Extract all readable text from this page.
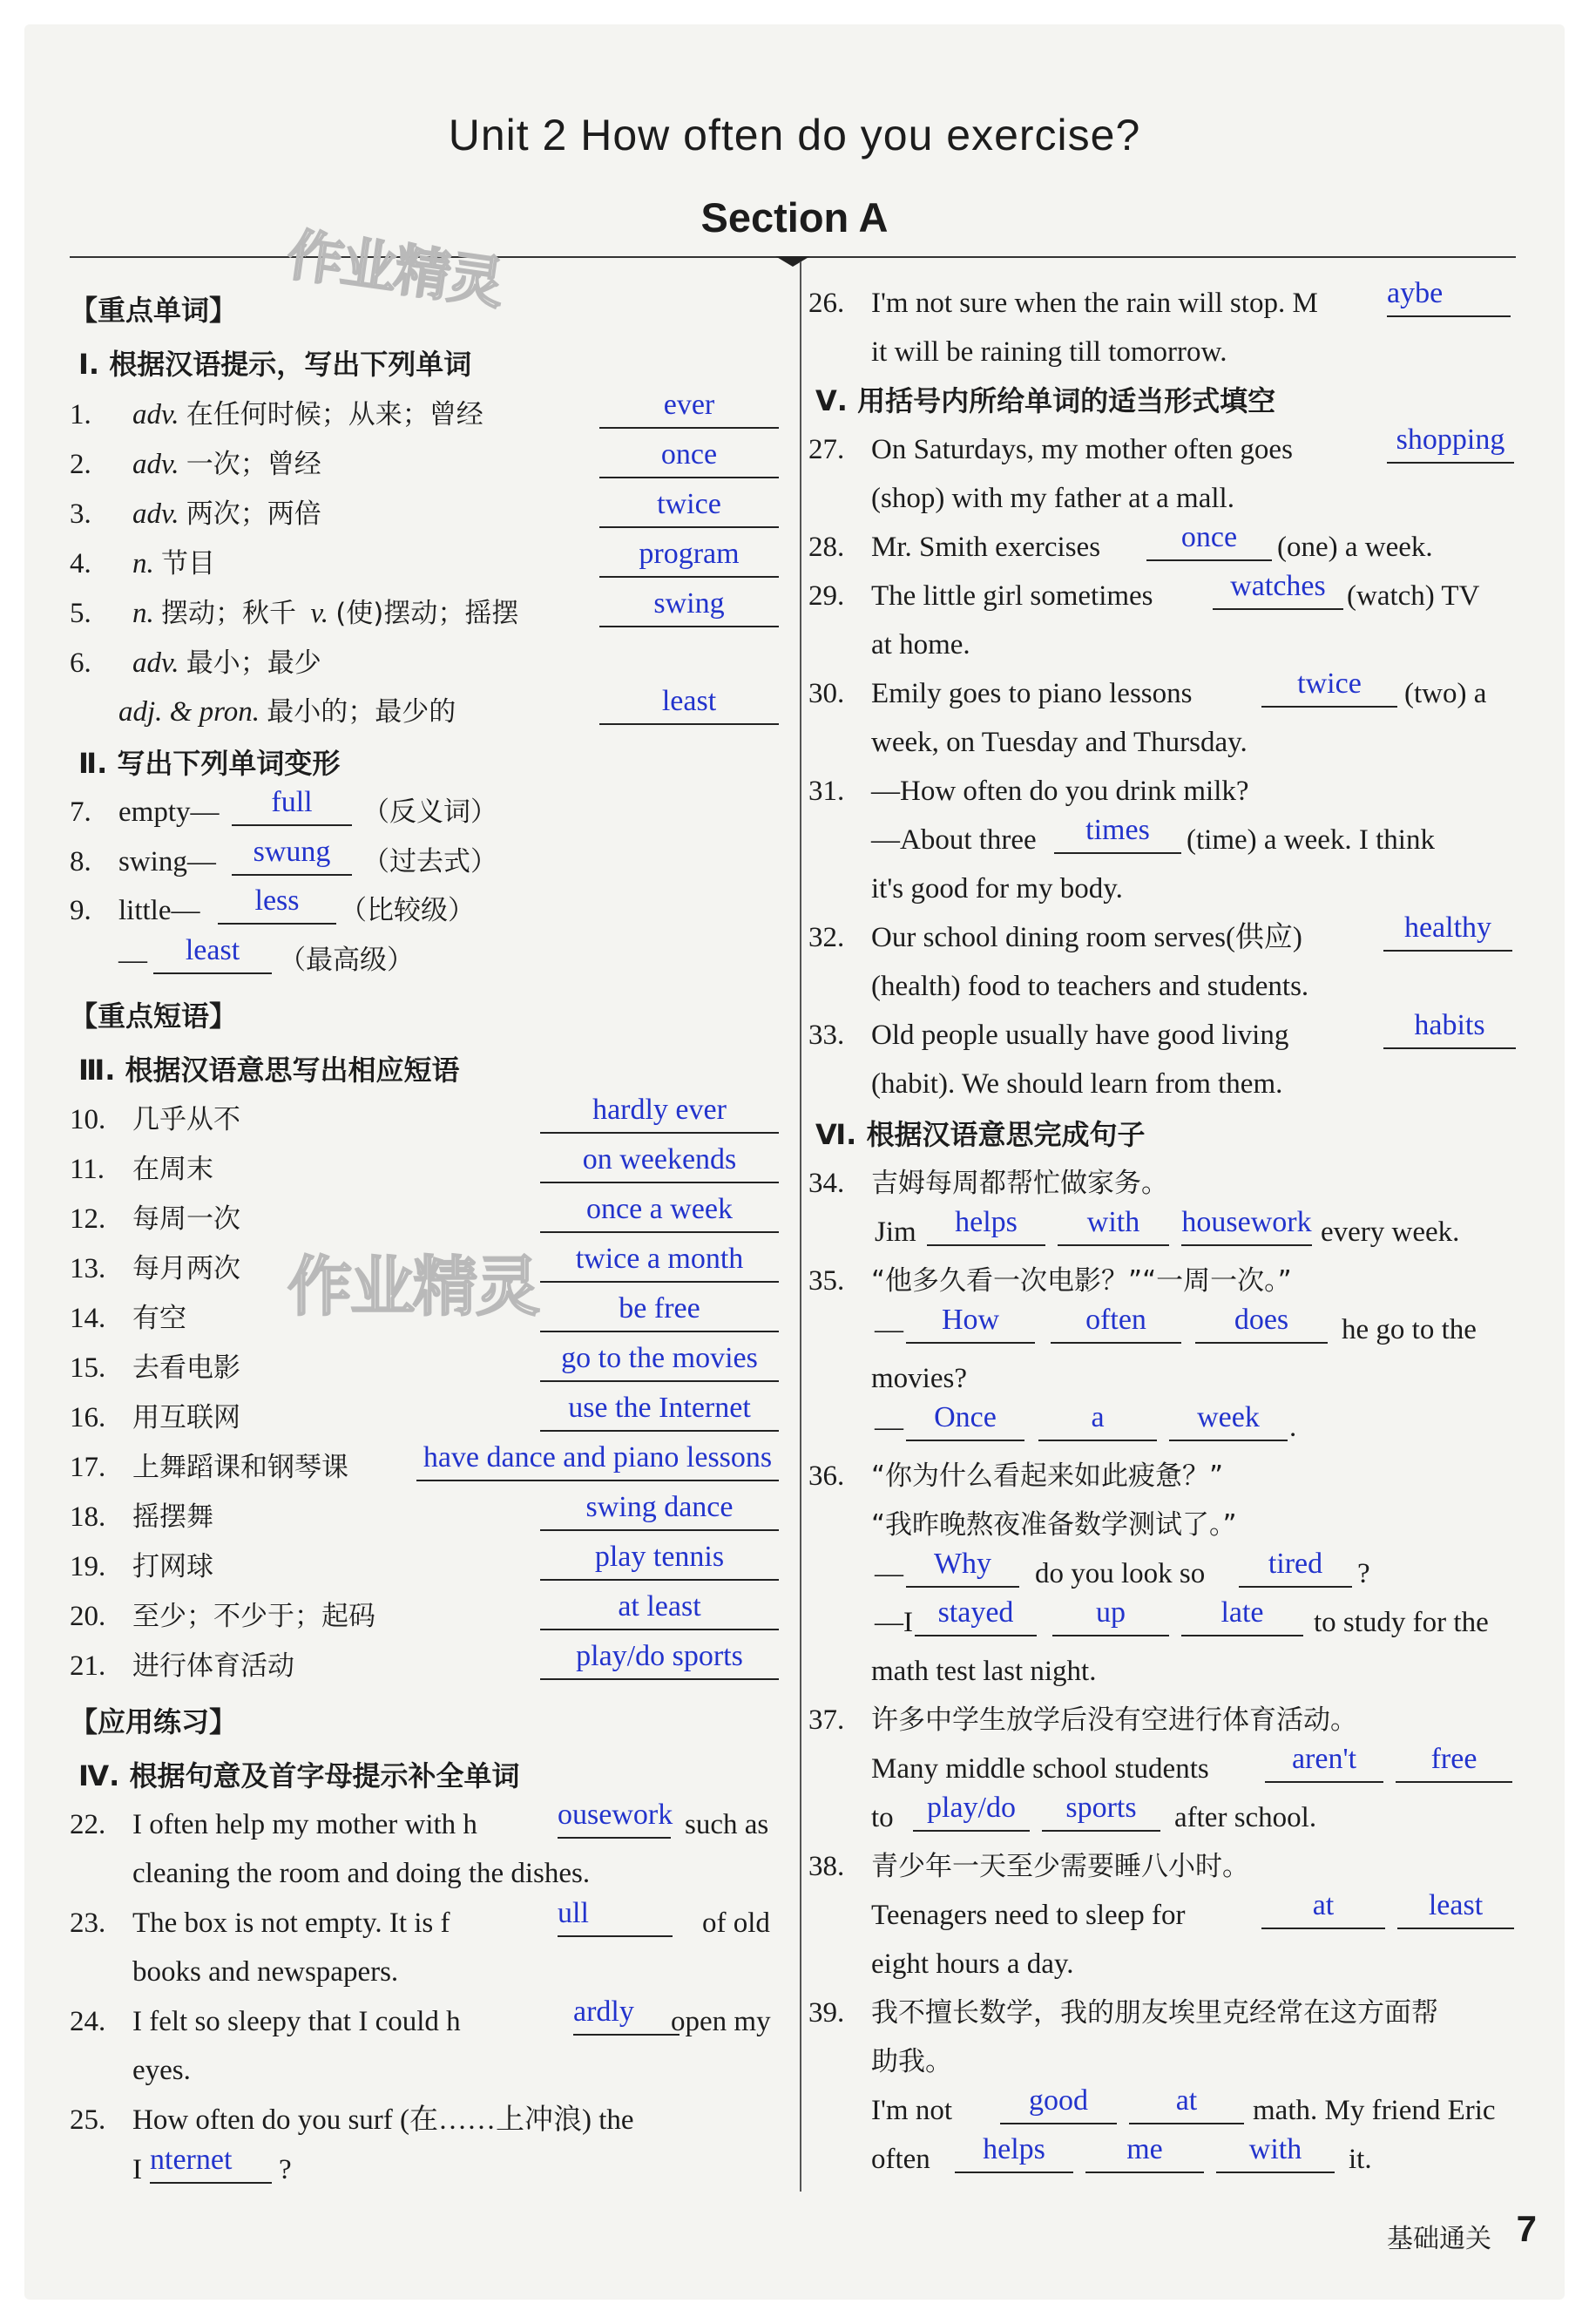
Unit 2 How often do you exercise?
Section A
作业精灵
作业精灵
【重点单词】
Ⅰ. 根据汉语提示，写出下列单词
1. adv. 在任何时候；从来；曾经	ever
2. adv. 一次；曾经	once
3. adv. 两次；两倍	twice
4. n. 节目	program
5. n. 摆动；秋千 v. (使)摆动；摇摆	swing
6. adv. 最小；最少
adj. & pron. 最小的；最少的	least
Ⅱ. 写出下列单词变形
7. empty—	full	（反义词）
8. swing—	swung	（过去式）
9. little—	less	（比较级）
—	least	（最高级）
【重点短语】
Ⅲ. 根据汉语意思写出相应短语
10. 几乎从不	hardly ever
11. 在周末	on weekends
12. 每周一次	once a week
13. 每月两次	twice a month
14. 有空	be free
15. 去看电影	go to the movies
16. 用互联网	use the Internet
17. 上舞蹈课和钢琴课	have dance and piano lessons
18. 摇摆舞	swing dance
19. 打网球	play tennis
20. 至少；不少于；起码	at least
21. 进行体育活动	play/do sports
【应用练习】
Ⅳ. 根据句意及首字母提示补全单词
22. I often help my mother with h	ousework such as
cleaning the room and doing the dishes.
23. The box is not empty. It is f	ull	of old
books and newspapers.
24. I felt so sleepy that I could h	ardly	open my
eyes.
25. How often do you surf (在……上冲浪) the
I nternet	?
26. I'm not sure when the rain will stop. M aybe
it will be raining till tomorrow.
Ⅴ. 用括号内所给单词的适当形式填空
27. On Saturdays, my mother often goes	shopping
(shop) with my father at a mall.
28. Mr. Smith exercises	once	(one) a week.
29. The little girl sometimes	watches (watch) TV
at home.
30. Emily goes to piano lessons	twice	(two) a
week, on Tuesday and Thursday.
31. —How often do you drink milk?
—About three	times	(time) a week. I think
it's good for my body.
32. Our school dining room serves(供应)	healthy
(health) food to teachers and students.
33. Old people usually have good living	habits
(habit). We should learn from them.
Ⅵ. 根据汉语意思完成句子
34. 吉姆每周都帮忙做家务。
Jim	helps	with	housework every week.
35. “他多久看一次电影？”“一周一次。”
—	How	often	does	he go to the
movies?
—	Once	a	week	.
36. “你为什么看起来如此疲惫？”
“我昨晚熬夜准备数学测试了。”
—	Why	do you look so	tired	?
—I stayed	up	late	to study for the
math test last night.
37. 许多中学生放学后没有空进行体育活动。
Many middle school students	aren't	free
to	play/do	sports	after school.
38. 青少年一天至少需要睡八小时。
Teenagers need to sleep for	at	least
eight hours a day.
39. 我不擅长数学，我的朋友埃里克经常在这方面帮
助我。
I'm not	good	at	math. My friend Eric
often	helps	me	with	it.
基础通关 7
